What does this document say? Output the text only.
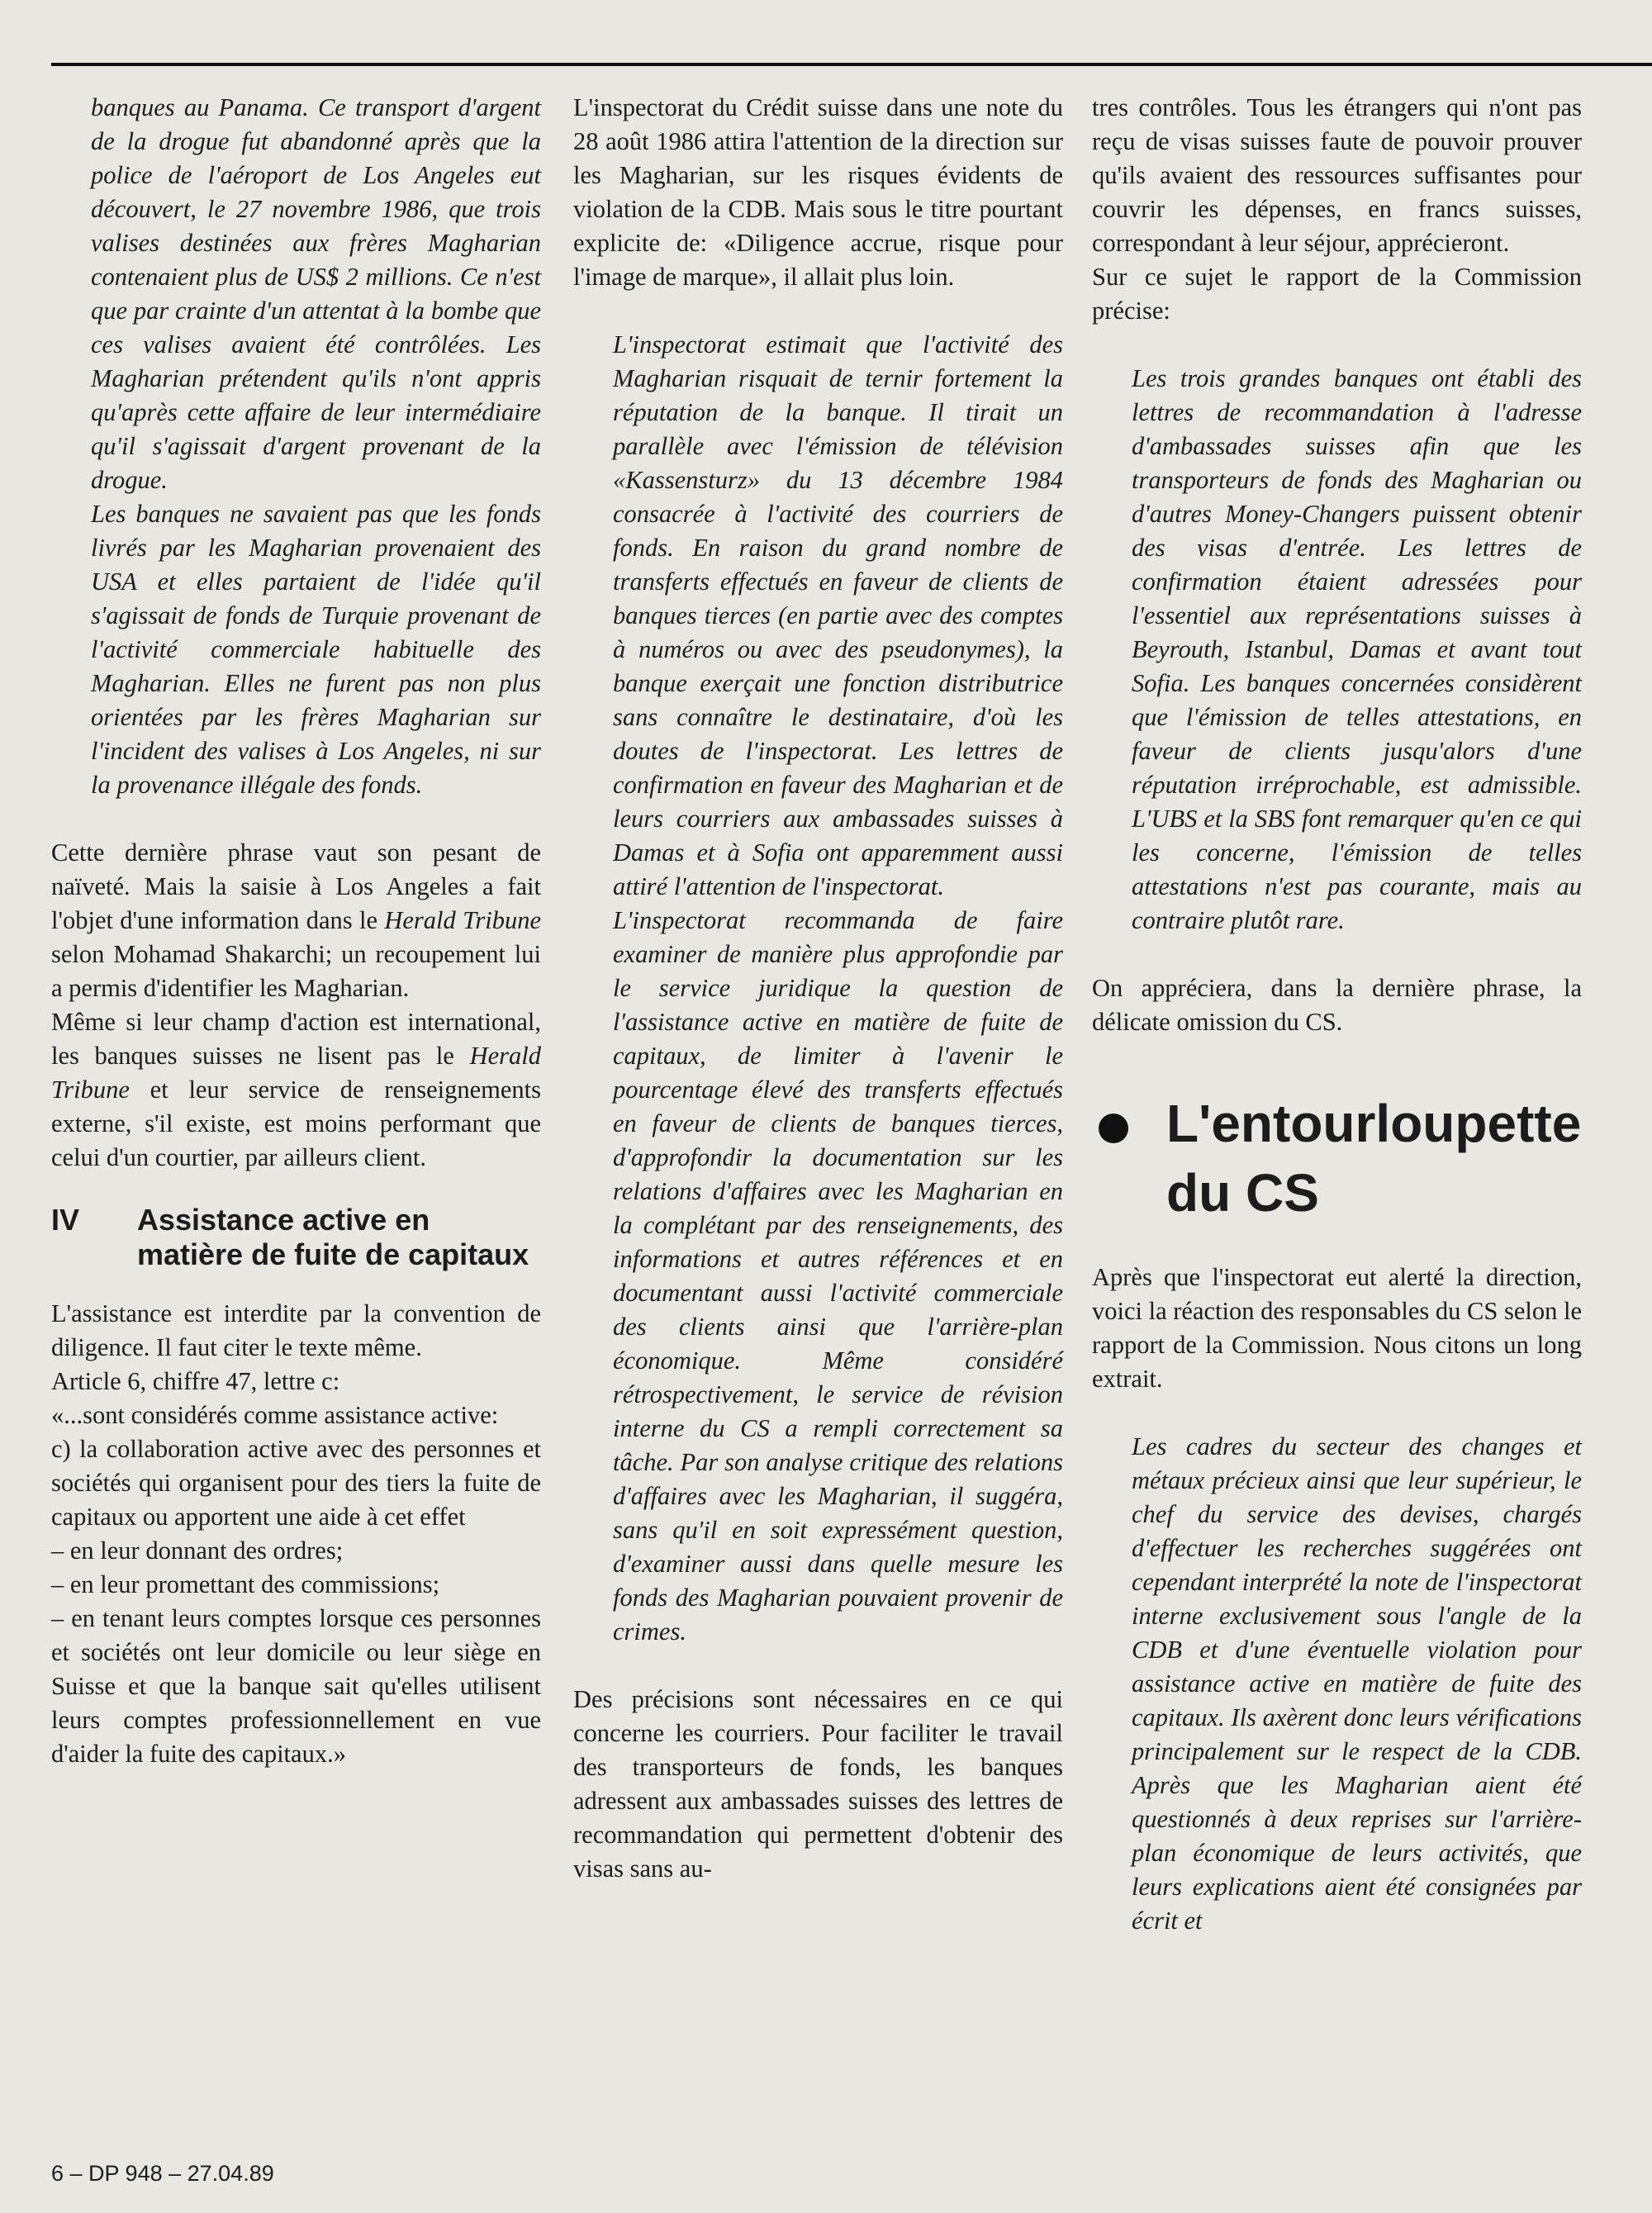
banques au Panama. Ce transport d'argent de la drogue fut abandonné après que la police de l'aéroport de Los Angeles eut découvert, le 27 novembre 1986, que trois valises destinées aux frères Magharian contenaient plus de US$ 2 millions. Ce n'est que par crainte d'un attentat à la bombe que ces valises avaient été contrôlées. Les Magharian prétendent qu'ils n'ont appris qu'après cette affaire de leur intermédiaire qu'il s'agissait d'argent provenant de la drogue.

Les banques ne savaient pas que les fonds livrés par les Magharian provenaient des USA et elles partaient de l'idée qu'il s'agissait de fonds de Turquie provenant de l'activité commerciale habituelle des Magharian. Elles ne furent pas non plus orientées par les frères Magharian sur l'incident des valises à Los Angeles, ni sur la provenance illégale des fonds.

Cette dernière phrase vaut son pesant de naïveté. Mais la saisie à Los Angeles a fait l'objet d'une information dans le Herald Tribune selon Mohamad Shakarchi; un recoupement lui a permis d'identifier les Magharian.

Même si leur champ d'action est international, les banques suisses ne lisent pas le Herald Tribune et leur service de renseignements externe, s'il existe, est moins performant que celui d'un courtier, par ailleurs client.

IV	Assistance active en matière de fuite de capitaux

L'assistance est interdite par la convention de diligence. Il faut citer le texte même.

Article 6, chiffre 47, lettre c:

«...sont considérés comme assistance active:

c) la collaboration active avec des personnes et sociétés qui organisent pour des tiers la fuite de capitaux ou apportent une aide à cet effet

– en leur donnant des ordres;

– en leur promettant des commissions;

– en tenant leurs comptes lorsque ces personnes et sociétés ont leur domicile ou leur siège en Suisse et que la banque sait qu'elles utilisent leurs comptes professionnellement en vue d'aider la fuite des capitaux.»

L'inspectorat du Crédit suisse dans une note du 28 août 1986 attira l'attention de la direction sur les Magharian, sur les risques évidents de violation de la CDB. Mais sous le titre pourtant explicite de: «Diligence accrue, risque pour l'image de marque», il allait plus loin.

L'inspectorat estimait que l'activité des Magharian risquait de ternir fortement la réputation de la banque. Il tirait un parallèle avec l'émission de télévision «Kassensturz» du 13 décembre 1984 consacrée à l'activité des courriers de fonds. En raison du grand nombre de transferts effectués en faveur de clients de banques tierces (en partie avec des comptes à numéros ou avec des pseudonymes), la banque exerçait une fonction distributrice sans connaître le destinataire, d'où les doutes de l'inspectorat. Les lettres de confirmation en faveur des Magharian et de leurs courriers aux ambassades suisses à Damas et à Sofia ont apparemment aussi attiré l'attention de l'inspectorat.

L'inspectorat recommanda de faire examiner de manière plus approfondie par le service juridique la question de l'assistance active en matière de fuite de capitaux, de limiter à l'avenir le pourcentage élevé des transferts effectués en faveur de clients de banques tierces, d'approfondir la documentation sur les relations d'affaires avec les Magharian en la complétant par des renseignements, des informations et autres références et en documentant aussi l'activité commerciale des clients ainsi que l'arrière-plan économique. Même considéré rétrospectivement, le service de révision interne du CS a rempli correctement sa tâche. Par son analyse critique des relations d'affaires avec les Magharian, il suggéra, sans qu'il en soit expressément question, d'examiner aussi dans quelle mesure les fonds des Magharian pouvaient provenir de crimes.

Des précisions sont nécessaires en ce qui concerne les courriers. Pour faciliter le travail des transporteurs de fonds, les banques adressent aux ambassades suisses des lettres de recommandation qui permettent d'obtenir des visas sans au-

tres contrôles. Tous les étrangers qui n'ont pas reçu de visas suisses faute de pouvoir prouver qu'ils avaient des ressources suffisantes pour couvrir les dépenses, en francs suisses, correspondant à leur séjour, apprécieront.

Sur ce sujet le rapport de la Commission précise:

Les trois grandes banques ont établi des lettres de recommandation à l'adresse d'ambassades suisses afin que les transporteurs de fonds des Magharian ou d'autres Money-Changers puissent obtenir des visas d'entrée. Les lettres de confirmation étaient adressées pour l'essentiel aux représentations suisses à Beyrouth, Istanbul, Damas et avant tout Sofia. Les banques concernées considèrent que l'émission de telles attestations, en faveur de clients jusqu'alors d'une réputation irréprochable, est admissible. L'UBS et la SBS font remarquer qu'en ce qui les concerne, l'émission de telles attestations n'est pas courante, mais au contraire plutôt rare.

On appréciera, dans la dernière phrase, la délicate omission du CS.

L'entourloupette du CS

Après que l'inspectorat eut alerté la direction, voici la réaction des responsables du CS selon le rapport de la Commission. Nous citons un long extrait.

Les cadres du secteur des changes et métaux précieux ainsi que leur supérieur, le chef du service des devises, chargés d'effectuer les recherches suggérées ont cependant interprété la note de l'inspectorat interne exclusivement sous l'angle de la CDB et d'une éventuelle violation pour assistance active en matière de fuite des capitaux. Ils axèrent donc leurs vérifications principalement sur le respect de la CDB. Après que les Magharian aient été questionnés à deux reprises sur l'arrière-plan économique de leurs activités, que leurs explications aient été consignées par écrit et

6 – DP 948 – 27.04.89
